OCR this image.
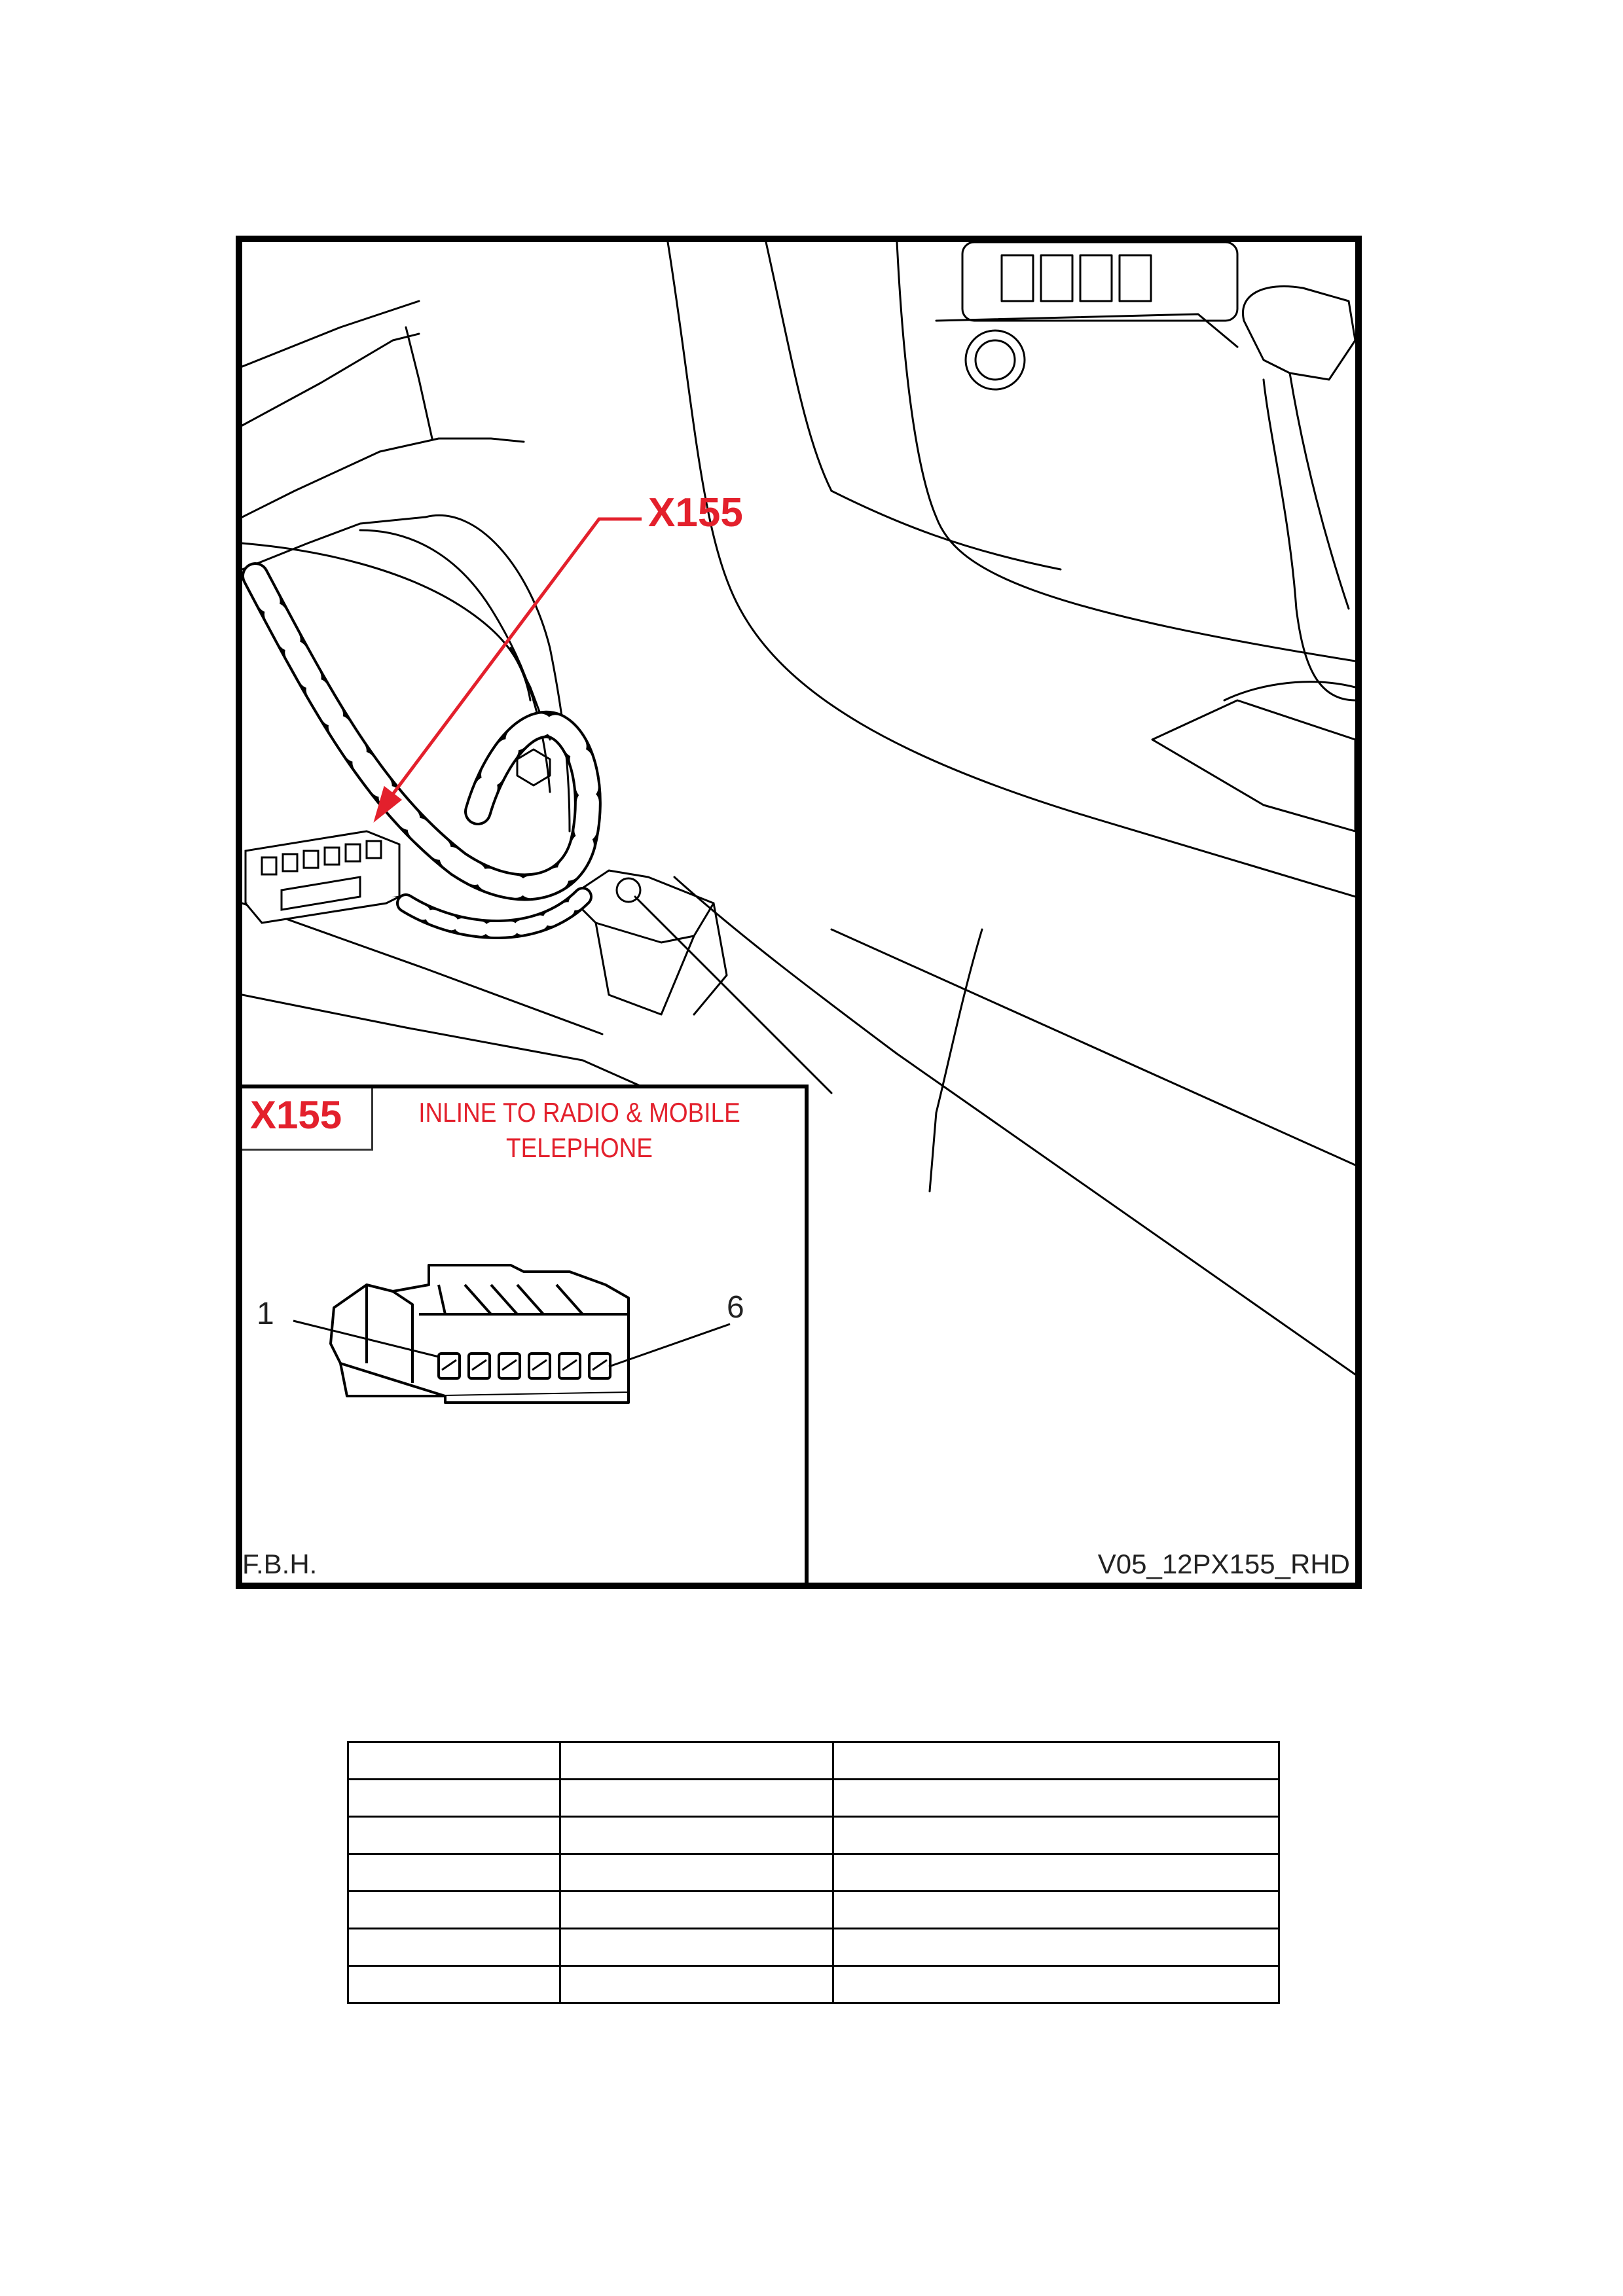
X155
X155	INLINE TO RADIO & MOBILE
TELEPHONE
1	6
F.B.H.	V05_12PX155_RHD
